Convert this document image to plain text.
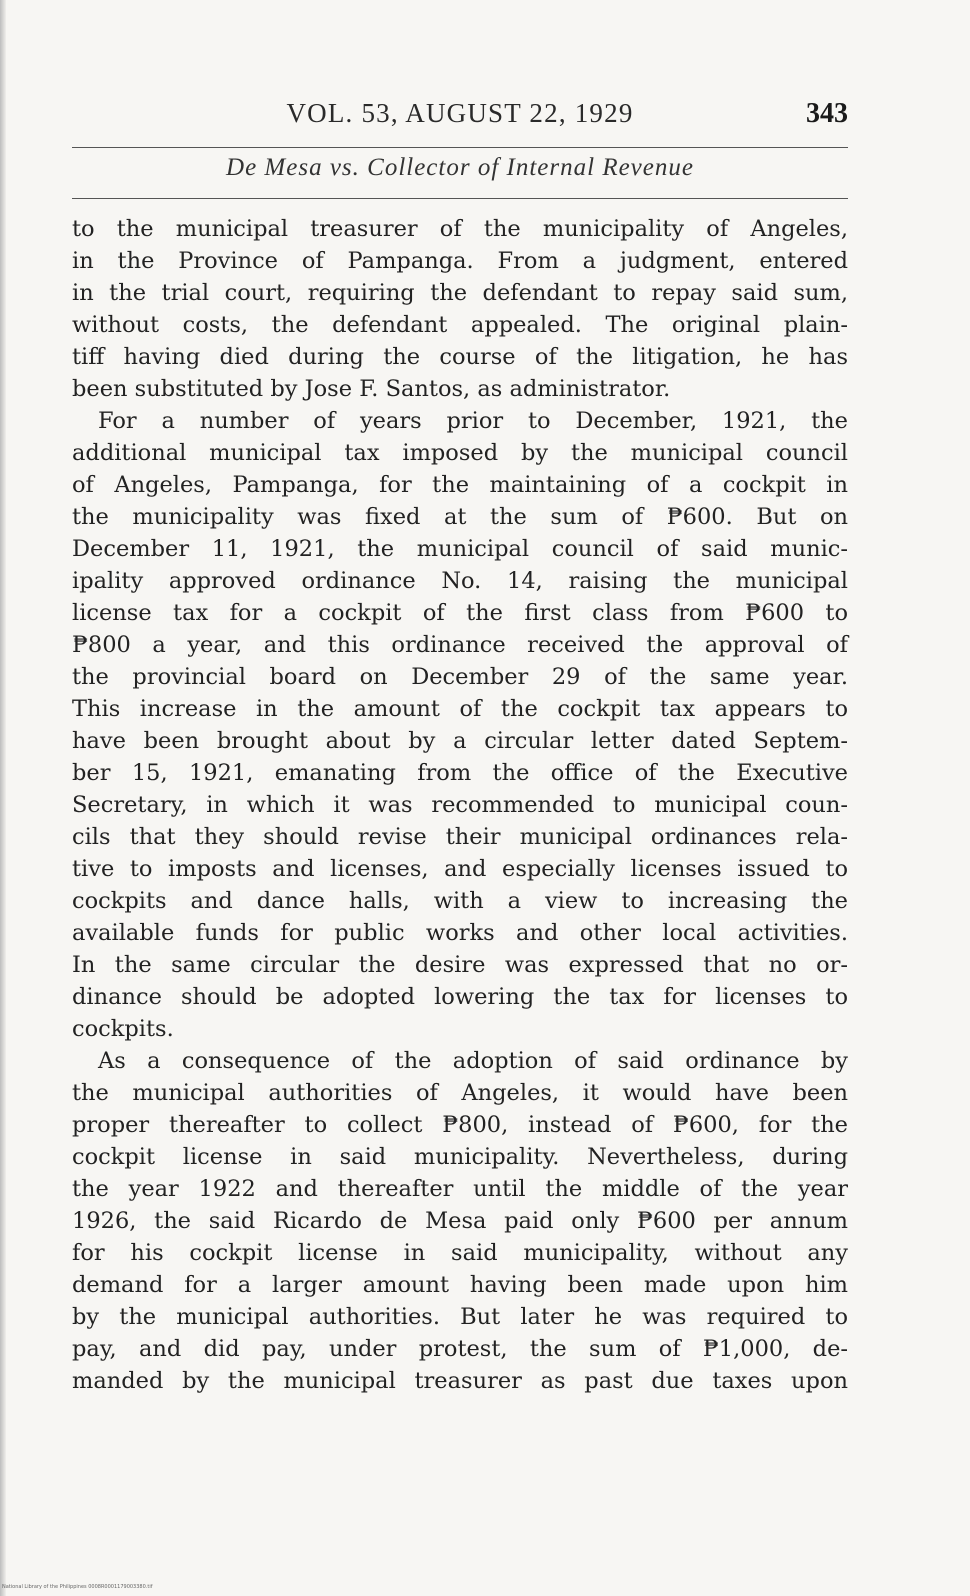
VOL. 53, AUGUST 22, 1929	343
De Mesa vs. Collector of Internal Revenue
to the municipal treasurer of the municipality of Angeles,
in the Province of Pampanga. From a judgment, entered
in the trial court, requiring the defendant to repay said sum,
without costs, the defendant appealed. The original plain-
tiff having died during the course of the litigation, he has
been substituted by Jose F. Santos, as administrator.
For a number of years prior to December, 1921, the
additional municipal tax imposed by the municipal council
of Angeles, Pampanga, for the maintaining of a cockpit in
the municipality was fixed at the sum of ₱600. But on
December 11, 1921, the municipal council of said munic-
ipality approved ordinance No. 14, raising the municipal
license tax for a cockpit of the first class from ₱600 to
₱800 a year, and this ordinance received the approval of
the provincial board on December 29 of the same year.
This increase in the amount of the cockpit tax appears to
have been brought about by a circular letter dated Septem-
ber 15, 1921, emanating from the office of the Executive
Secretary, in which it was recommended to municipal coun-
cils that they should revise their municipal ordinances rela-
tive to imposts and licenses, and especially licenses issued to
cockpits and dance halls, with a view to increasing the
available funds for public works and other local activities.
In the same circular the desire was expressed that no or-
dinance should be adopted lowering the tax for licenses to
cockpits.
As a consequence of the adoption of said ordinance by
the municipal authorities of Angeles, it would have been
proper thereafter to collect ₱800, instead of ₱600, for the
cockpit license in said municipality. Nevertheless, during
the year 1922 and thereafter until the middle of the year
1926, the said Ricardo de Mesa paid only ₱600 per annum
for his cockpit license in said municipality, without any
demand for a larger amount having been made upon him
by the municipal authorities. But later he was required to
pay, and did pay, under protest, the sum of ₱1,000, de-
manded by the municipal treasurer as past due taxes upon
National Library of the Philippines 0008R0001179003380.tif
